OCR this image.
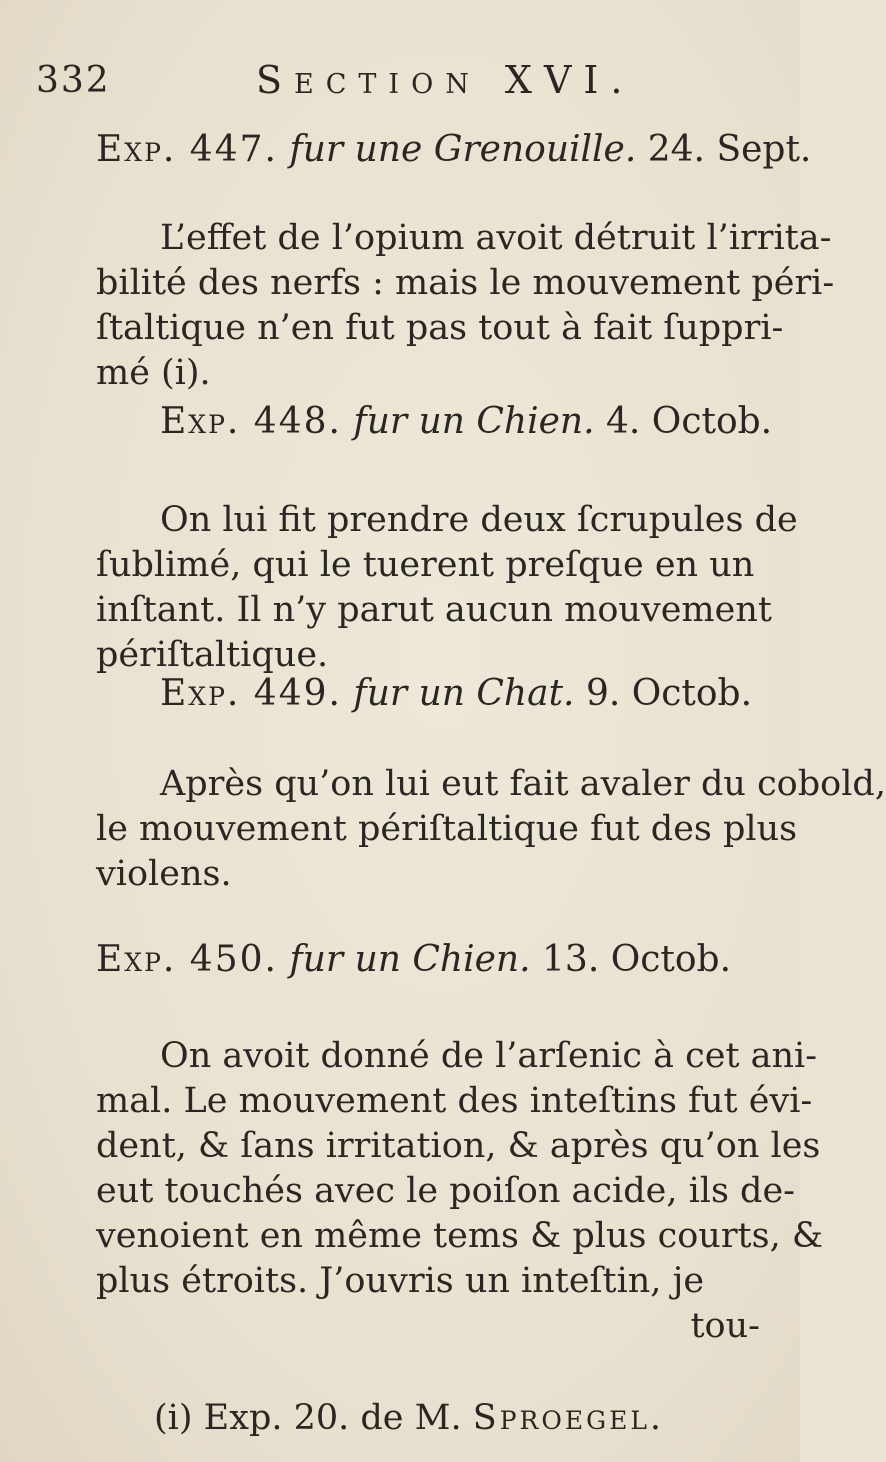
332	Section XVI.
Exp. 447. fur une Grenouille. 24. Sept.
L’effet de l’opium avoit détruit l’irrita-
bilité des nerfs : mais le mouvement péri-
ſtaltique n’en fut pas tout à fait ſuppri-
mé (i).
Exp. 448. fur un Chien. 4. Octob.
On lui fit prendre deux ſcrupules de
ſublimé, qui le tuerent preſque en un
inſtant. Il n’y parut aucun mouvement
périſtaltique.
Exp. 449. fur un Chat. 9. Octob.
Après qu’on lui eut fait avaler du cobold,
le mouvement périſtaltique fut des plus
violens.
Exp. 450. fur un Chien. 13. Octob.
On avoit donné de l’arſenic à cet ani-
mal. Le mouvement des inteſtins fut évi-
dent, & ſans irritation, & après qu’on les
eut touchés avec le poiſon acide, ils de-
venoient en même tems & plus courts, &
plus étroits. J’ouvris un inteſtin, je
tou-
(i) Exp. 20. de M. Sproegel.
